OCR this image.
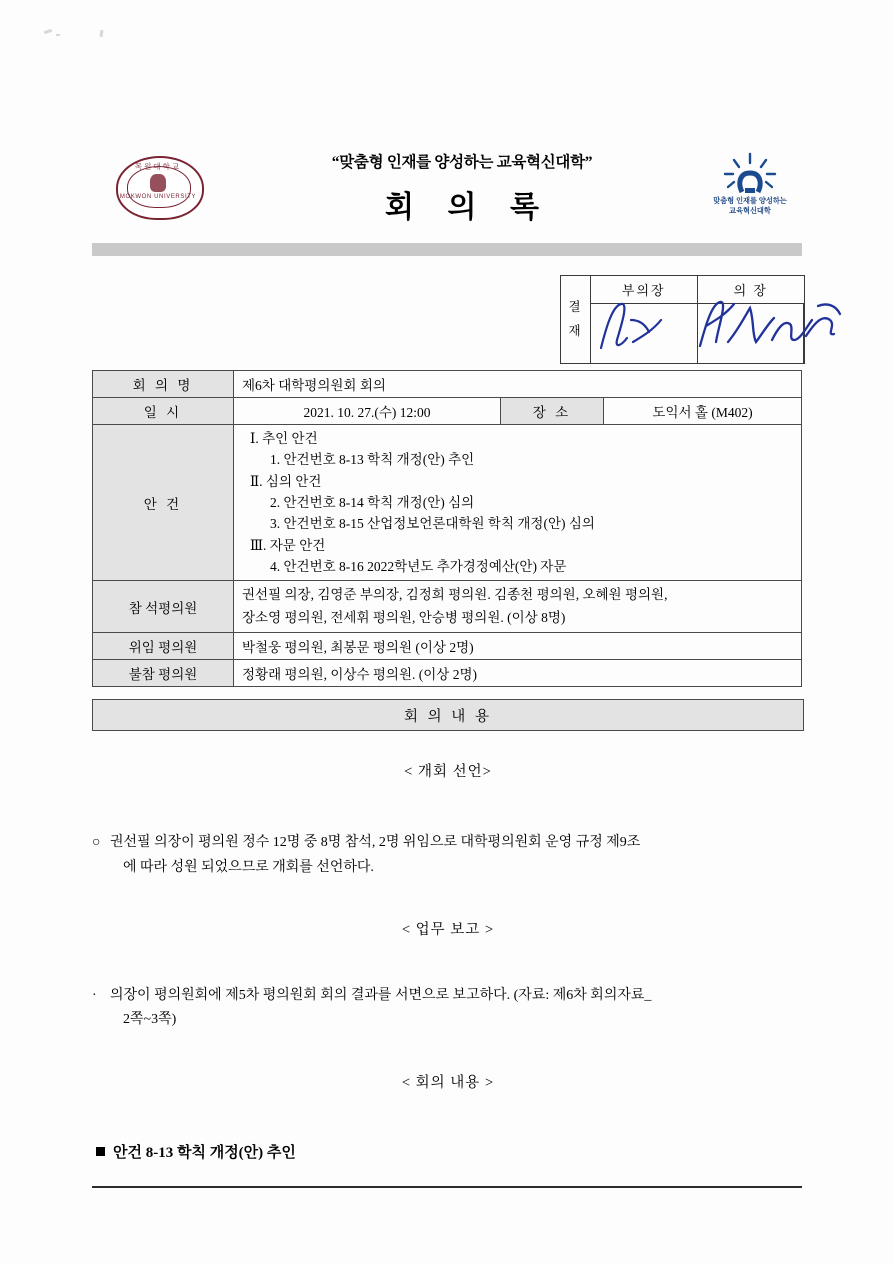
목원대학교
MOKWON UNIVERSITY
“맞춤형 인재를 양성하는 교육혁신대학”
회 의 록	맞춤형 인재를 양성하는
교육혁신대학
결
재
부의장	의 장
회 의 명	제6차 대학평의원회 회의		
일 시	2021. 10. 27.(수) 12:00	장 소	도익서 홀 (M402)
안 건	
Ⅰ. 추인 안건
1. 안건번호 8-13 학칙 개정(안) 추인
Ⅱ. 심의 안건
2. 안건번호 8-14 학칙 개정(안) 심의
3. 안건번호 8-15 산업정보언론대학원 학칙 개정(안) 심의
Ⅲ. 자문 안건
4. 안건번호 8-16 2022학년도 추가경정예산(안) 자문

참 석평의원	권선필 의장, 김영준 부의장, 김정희 평의원. 김종천 평의원, 오혜원 평의원,
장소영 평의원, 전세휘 평의원, 안승병 평의원. (이상 8명)		

위임 평의원	박철웅 평의원, 최봉문 평의원 (이상 2명)		
불참 평의원	정황래 평의원, 이상수 평의원. (이상 2명)		
회 의 내 용
< 개회 선언>
○ 권선필 의장이 평의원 정수 12명 중 8명 참석, 2명 위임으로 대학평의원회 운영 규정 제9조
에 따라 성원 되었으므로 개회를 선언하다.
< 업무 보고 >
· 의장이 평의원회에 제5차 평의원회 회의 결과를 서면으로 보고하다. (자료: 제6차 회의자료_
2쪽~3쪽)
< 회의 내용 >
안건 8-13 학칙 개정(안) 추인
